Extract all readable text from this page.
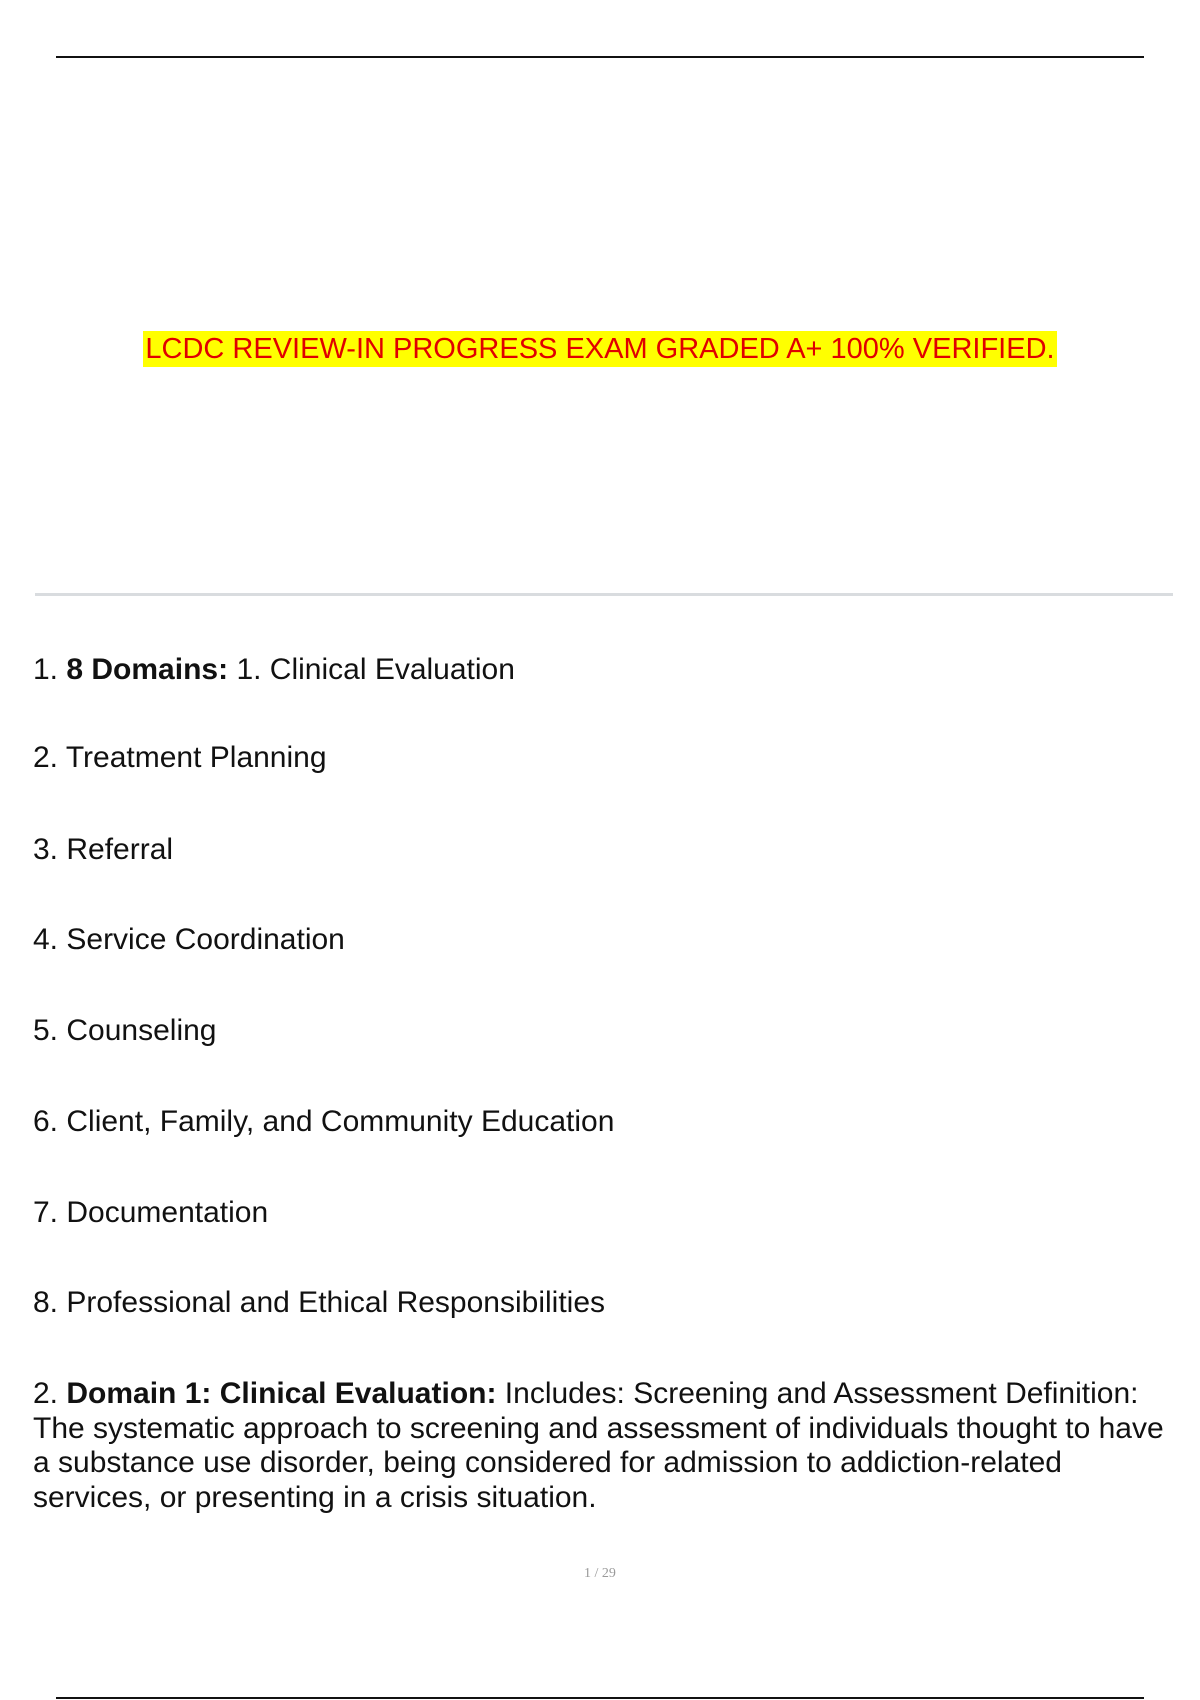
LCDC REVIEW-IN PROGRESS EXAM GRADED A+ 100% VERIFIED.
1. 8 Domains: 1. Clinical Evaluation
2. Treatment Planning
3. Referral
4. Service Coordination
5. Counseling
6. Client, Family, and Community Education
7. Documentation
8. Professional and Ethical Responsibilities
2. Domain 1: Clinical Evaluation: Includes: Screening and Assessment Definition: The systematic approach to screening and assessment of individuals thought to have a substance use disorder, being considered for admission to addiction-related services, or presenting in a crisis situation.
1 / 29
